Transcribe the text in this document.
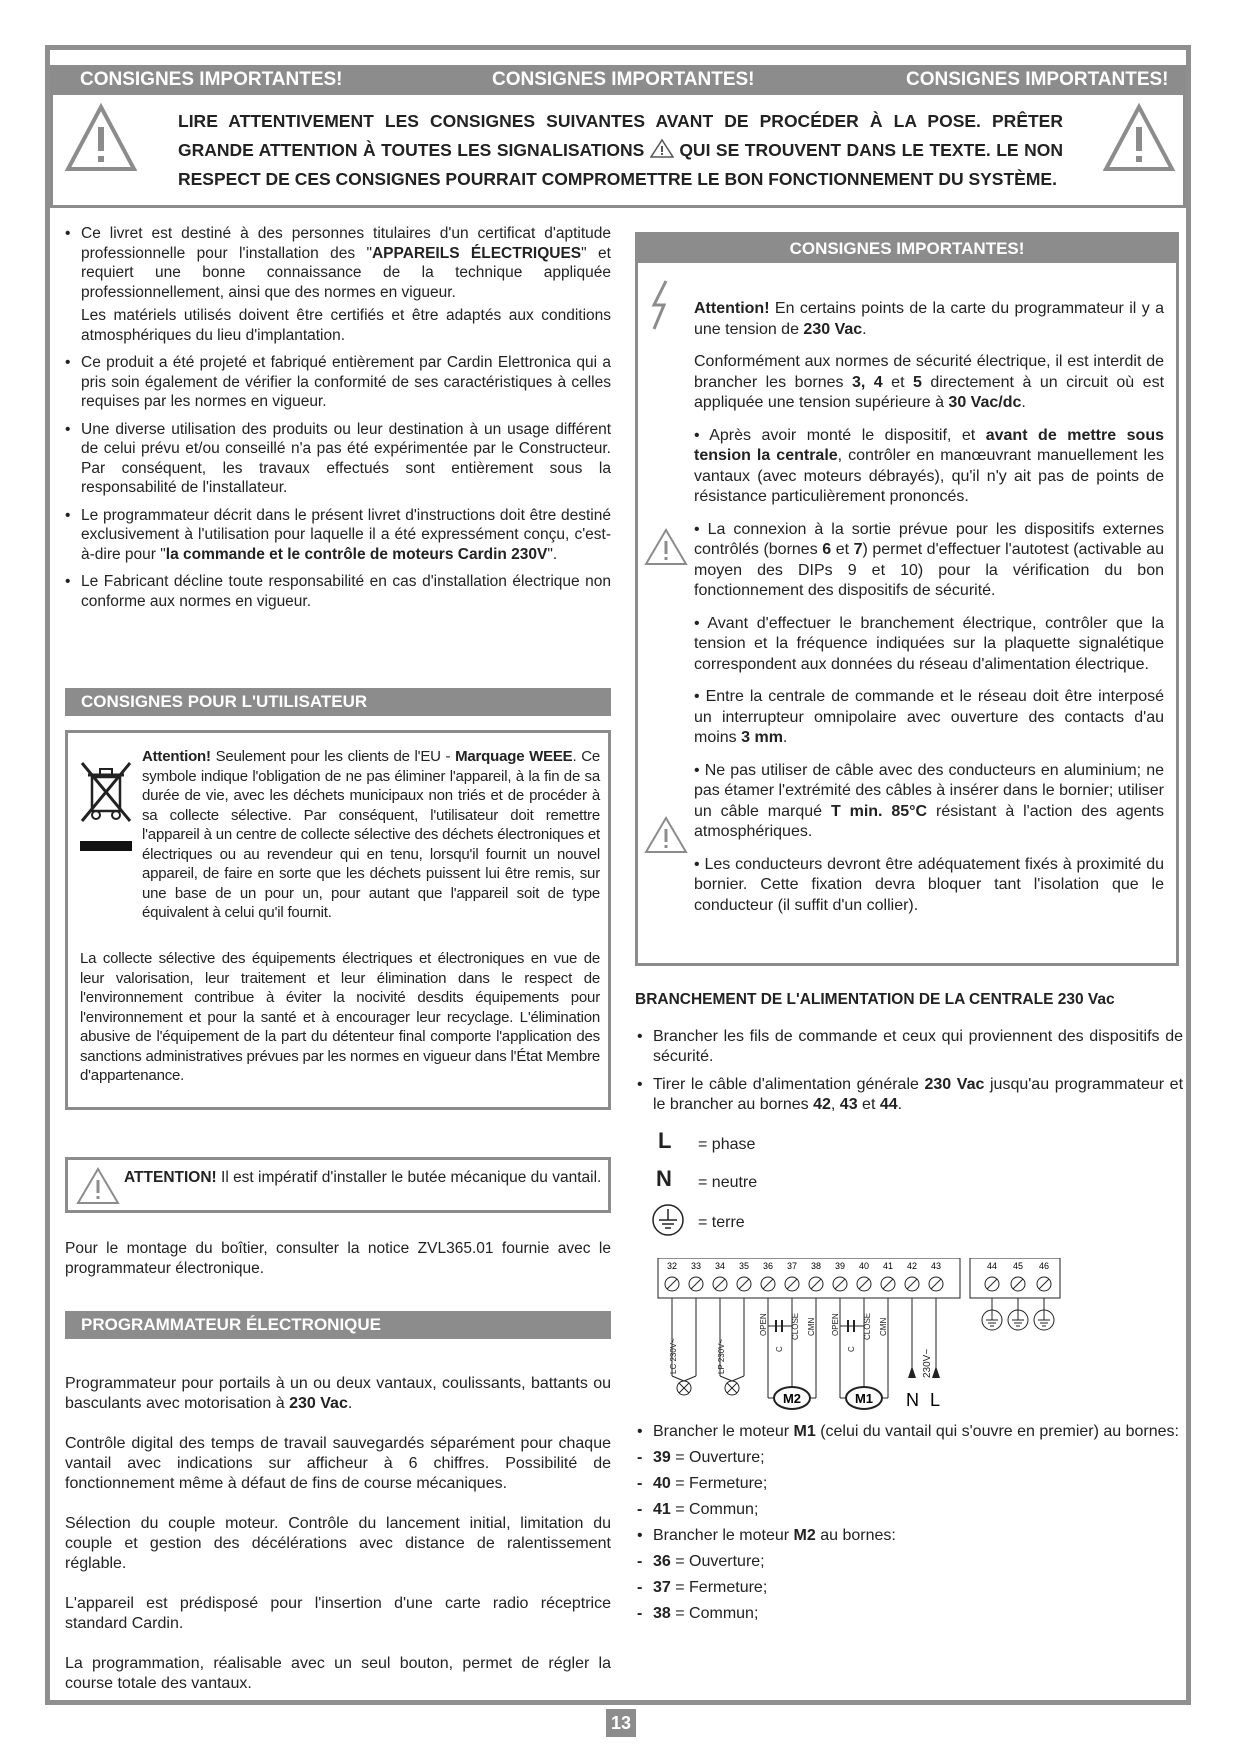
CONSIGNES IMPORTANTES!	CONSIGNES IMPORTANTES!	CONSIGNES IMPORTANTES!
LIRE ATTENTIVEMENT LES CONSIGNES SUIVANTES AVANT DE PROCÉDER À LA POSE. PRÊTER GRANDE ATTENTION À TOUTES LES SIGNALISATIONS QUI SE TROUVENT DANS LE TEXTE. LE NON RESPECT DE CES CONSIGNES POURRAIT COMPROMETTRE LE BON FONCTIONNEMENT DU SYSTÈME.
• Ce livret est destiné à des personnes titulaires d'un certificat d'aptitude professionnelle pour l'installation des "APPAREILS ÉLECTRIQUES" et requiert une bonne connaissance de la technique appliquée professionnellement, ainsi que des normes en vigueur.
Les matériels utilisés doivent être certifiés et être adaptés aux conditions atmosphériques du lieu d'implantation.
• Ce produit a été projeté et fabriqué entièrement par Cardin Elettronica qui a pris soin également de vérifier la conformité de ses caractéristiques à celles requises par les normes en vigueur.
• Une diverse utilisation des produits ou leur destination à un usage différent de celui prévu et/ou conseillé n'a pas été expérimentée par le Constructeur. Par conséquent, les travaux effectués sont entièrement sous la responsabilité de l'installateur.
• Le programmateur décrit dans le présent livret d'instructions doit être destiné exclusivement à l'utilisation pour laquelle il a été expressément conçu, c'est-à-dire pour "la commande et le contrôle de moteurs Cardin 230V".
• Le Fabricant décline toute responsabilité en cas d'installation électrique non conforme aux normes en vigueur.
CONSIGNES POUR L'UTILISATEUR
Attention! Seulement pour les clients de l'EU - Marquage WEEE. Ce symbole indique l'obligation de ne pas éliminer l'appareil, à la fin de sa durée de vie, avec les déchets municipaux non triés et de procéder à sa collecte sélective. Par conséquent, l'utilisateur doit remettre l'appareil à un centre de collecte sélective des déchets électroniques et électriques ou au revendeur qui en tenu, lorsqu'il fournit un nouvel appareil, de faire en sorte que les déchets puissent lui être remis, sur une base de un pour un, pour autant que l'appareil soit de type équivalent à celui qu'il fournit.
La collecte sélective des équipements électriques et électroniques en vue de leur valorisation, leur traitement et leur élimination dans le respect de l'environnement contribue à éviter la nocivité desdits équipements pour l'environnement et pour la santé et à encourager leur recyclage. L'élimination abusive de l'équipement de la part du détenteur final comporte l'application des sanctions administratives prévues par les normes en vigueur dans l'État Membre d'appartenance.
ATTENTION! Il est impératif d'installer le butée mécanique du vantail.
Pour le montage du boîtier, consulter la notice ZVL365.01 fournie avec le programmateur électronique.
PROGRAMMATEUR ÉLECTRONIQUE

Programmateur pour portails à un ou deux vantaux, coulissants, battants ou basculants avec motorisation à 230 Vac.

Contrôle digital des temps de travail sauvegardés séparément pour chaque vantail avec indications sur afficheur à 6 chiffres. Possibilité de fonctionnement même à défaut de fins de course mécaniques.

Sélection du couple moteur. Contrôle du lancement initial, limitation du couple et gestion des décélérations avec distance de ralentissement réglable.

L'appareil est prédisposé pour l'insertion d'une carte radio réceptrice standard Cardin.

La programmation, réalisable avec un seul bouton, permet de régler la course totale des vantaux.

CONSIGNES IMPORTANTES!

Attention! En certains points de la carte du programmateur il y a une tension de 230 Vac.

Conformément aux normes de sécurité électrique, il est interdit de brancher les bornes 3, 4 et 5 directement à un circuit où est appliquée une tension supérieure à 30 Vac/dc.

• Après avoir monté le dispositif, et avant de mettre sous tension la centrale, contrôler en manœuvrant manuellement les vantaux (avec moteurs débrayés), qu'il n'y ait pas de points de résistance particulièrement prononcés.

• La connexion à la sortie prévue pour les dispositifs externes contrôlés (bornes 6 et 7) permet d'effectuer l'autotest (activable au moyen des DIPs 9 et 10) pour la vérification du bon fonctionnement des dispositifs de sécurité.

• Avant d'effectuer le branchement électrique, contrôler que la tension et la fréquence indiquées sur la plaquette signalétique correspondent aux données du réseau d'alimentation électrique.

• Entre la centrale de commande et le réseau doit être interposé un interrupteur omnipolaire avec ouverture des contacts d'au moins 3 mm.

• Ne pas utiliser de câble avec des conducteurs en aluminium; ne pas étamer l'extrémité des câbles à insérer dans le bornier; utiliser un câble marqué T min. 85°C résistant à l'action des agents atmosphériques.

• Les conducteurs devront être adéquatement fixés à proximité du bornier. Cette fixation devra bloquer tant l'isolation que le conducteur (il suffit d'un collier).

BRANCHEMENT DE L'ALIMENTATION DE LA CENTRALE 230 Vac
• Brancher les fils de commande et ceux qui proviennent des dispositifs de sécurité.
• Tirer le câble d'alimentation générale 230 Vac jusqu'au programmateur et le brancher au bornes 42, 43 et 44.
L = phase
N = neutre
= terre
32 33 34 35 36 37 38 39 40 41 42 43	44 45 46
M2	M1 N L
LC 230V~	LP 230V~
OPEN	CLOSE CMN OPEN	CLOSE CMN
C	C	230V~
• Brancher le moteur M1 (celui du vantail qui s'ouvre en premier) au bornes:
- 39 = Ouverture;
- 40 = Fermeture;
- 41 = Commun;
• Brancher le moteur M2 au bornes:
- 36 = Ouverture;
- 37 = Fermeture;
- 38 = Commun;
13
